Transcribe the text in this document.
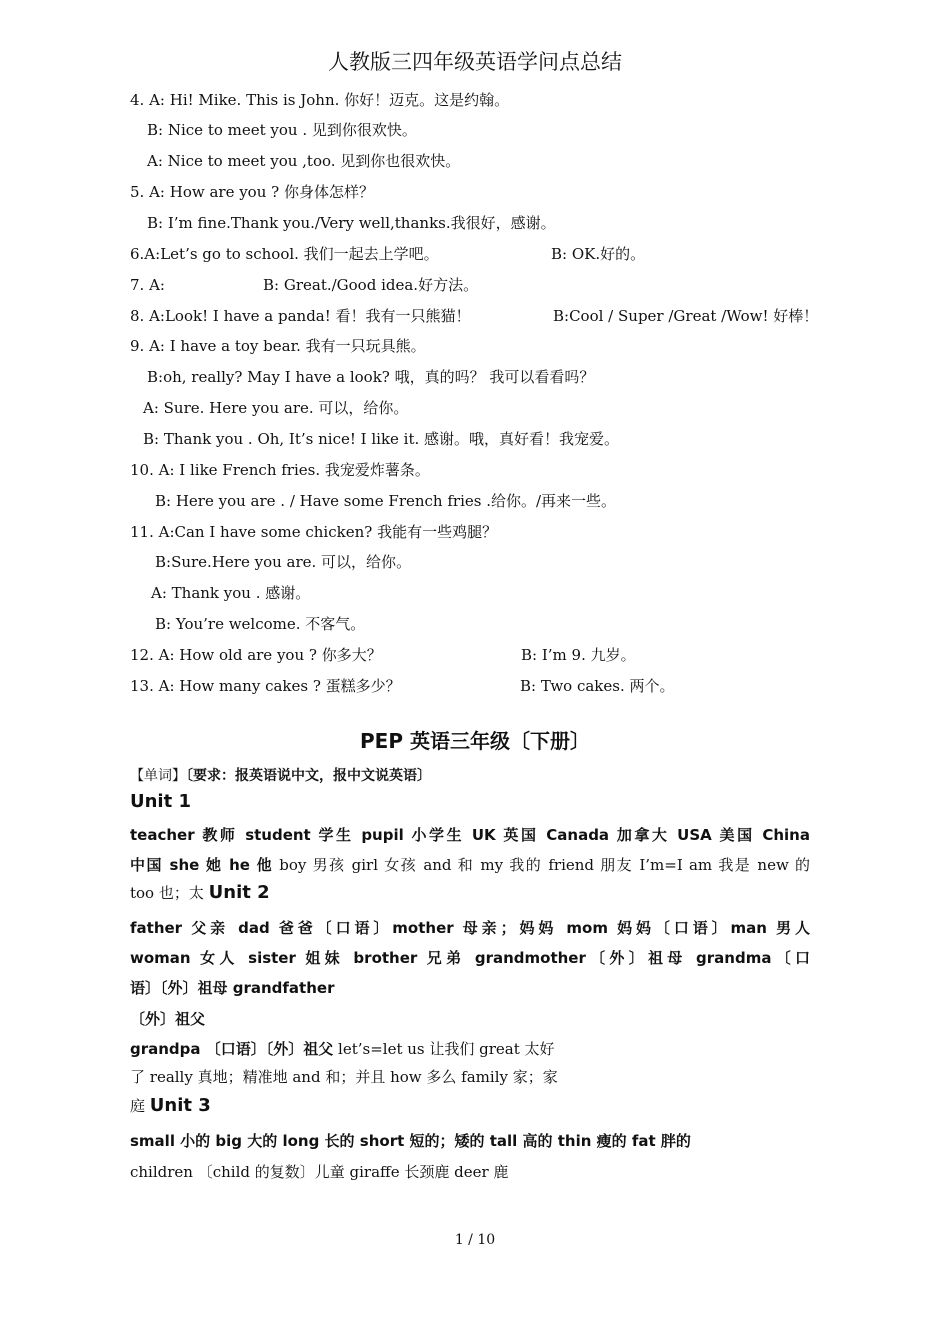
人教版三四年级英语学问点总结
4. A: Hi! Mike. This is John. 你好！迈克。这是约翰。
B: Nice to meet you . 见到你很欢快。
A: Nice to meet you ,too. 见到你也很欢快。
5. A: How are you ? 你身体怎样？
B: I’m fine.Thank you./Very well,thanks.我很好，感谢。
6.A:Let’s go to school. 我们一起去上学吧。	B: OK.好的。
7. A:	B: Great./Good idea.好方法。
8. A:Look! I have a panda! 看！我有一只熊猫！	B:Cool / Super /Great /Wow! 好棒！
9. A: I have a toy bear. 我有一只玩具熊。
B:oh, really? May I have a look? 哦，真的吗？ 我可以看看吗？
A: Sure. Here you are. 可以，给你。
B: Thank you . Oh, It’s nice! I like it. 感谢。哦，真好看！我宠爱。
10. A: I like French fries. 我宠爱炸薯条。
B: Here you are . / Have some French fries .给你。/再来一些。
11. A:Can I have some chicken? 我能有一些鸡腿？
B:Sure.Here you are. 可以，给你。
A: Thank you . 感谢。
B: You’re welcome. 不客气。
12. A: How old are you ? 你多大？	B: I’m 9. 九岁。
13. A: How many cakes ? 蛋糕多少？	B: Two cakes. 两个。
PEP 英语三年级〔下册〕
【单词】〔要求：报英语说中文，报中文说英语〕
Unit 1
teacher 教师 student 学生 pupil 小学生 UK 英国 Canada 加拿大 USA 美国 China
中国 she 她 he 他 boy 男孩 girl 女孩 and 和 my 我的 friend 朋友 I’m=I am 我是 new 的
too 也；太 Unit 2
father 父亲 dad 爸爸〔口语〕mother 母亲；妈妈 mom 妈妈〔口语〕man 男人
woman 女人 sister 姐妹 brother 兄弟 grandmother〔外〕祖母 grandma〔口
语〕〔外〕祖母 grandfather
〔外〕祖父
grandpa 〔口语〕〔外〕祖父 let’s=let us 让我们 great 太好
了 really 真地；精准地 and 和；并且 how 多么 family 家；家
庭 Unit 3
small 小的 big 大的 long 长的 short 短的；矮的 tall 高的 thin 瘦的 fat 胖的
children 〔child 的复数〕儿童 giraffe 长颈鹿 deer 鹿
1 / 10
